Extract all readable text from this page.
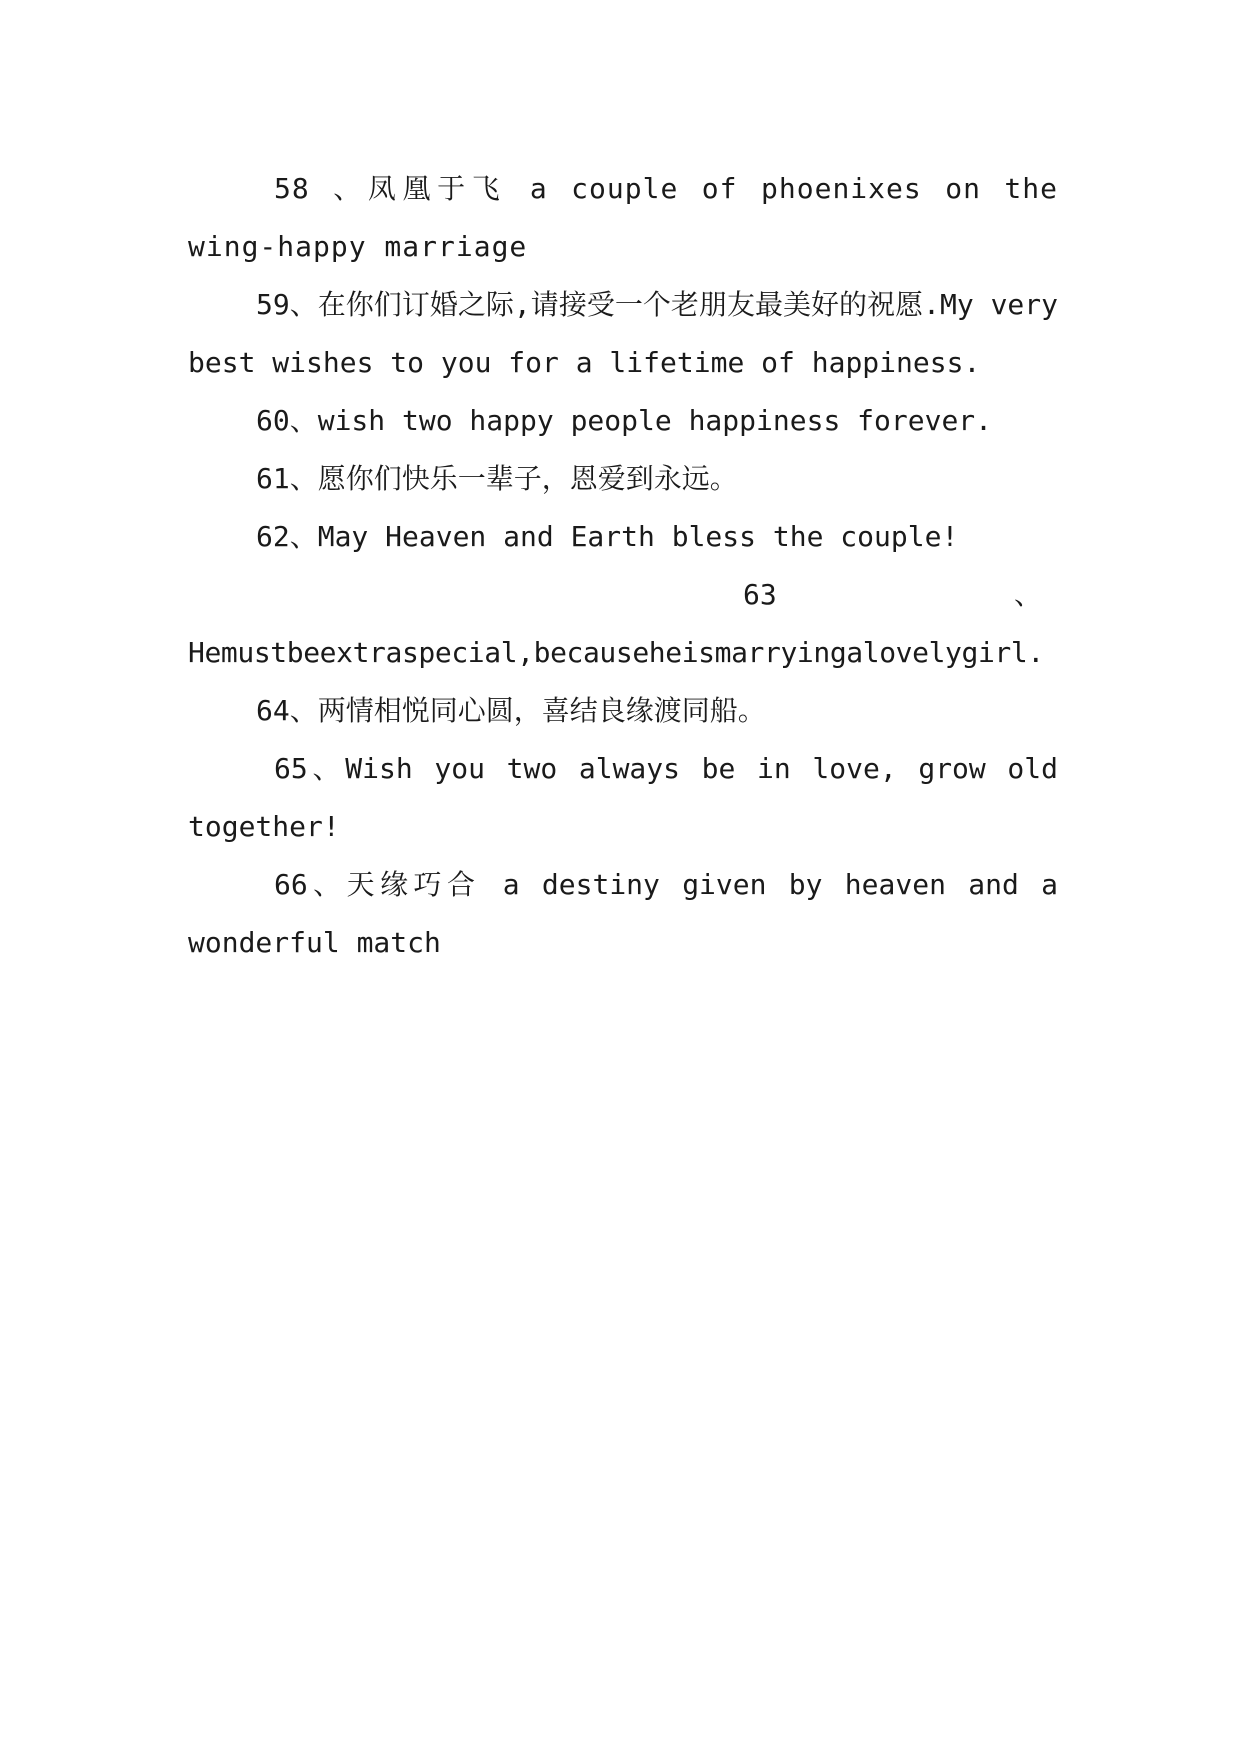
58 、凤凰于飞 a couple of phoenixes on the wing-happy marriage

59、在你们订婚之际,请接受一个老朋友最美好的祝愿.My very best wishes to you for a lifetime of happiness.

60、wish two happy people happiness forever.

61、愿你们快乐一辈子，恩爱到永远。

62、May Heaven and Earth bless the couple!

63	、

Hemustbeextraspecial,becauseheismarryingalovelygirl.

64、两情相悦同心圆，喜结良缘渡同船。

65、Wish you two always be in love, grow old together!

66、天缘巧合 a destiny given by heaven and a wonderful match
